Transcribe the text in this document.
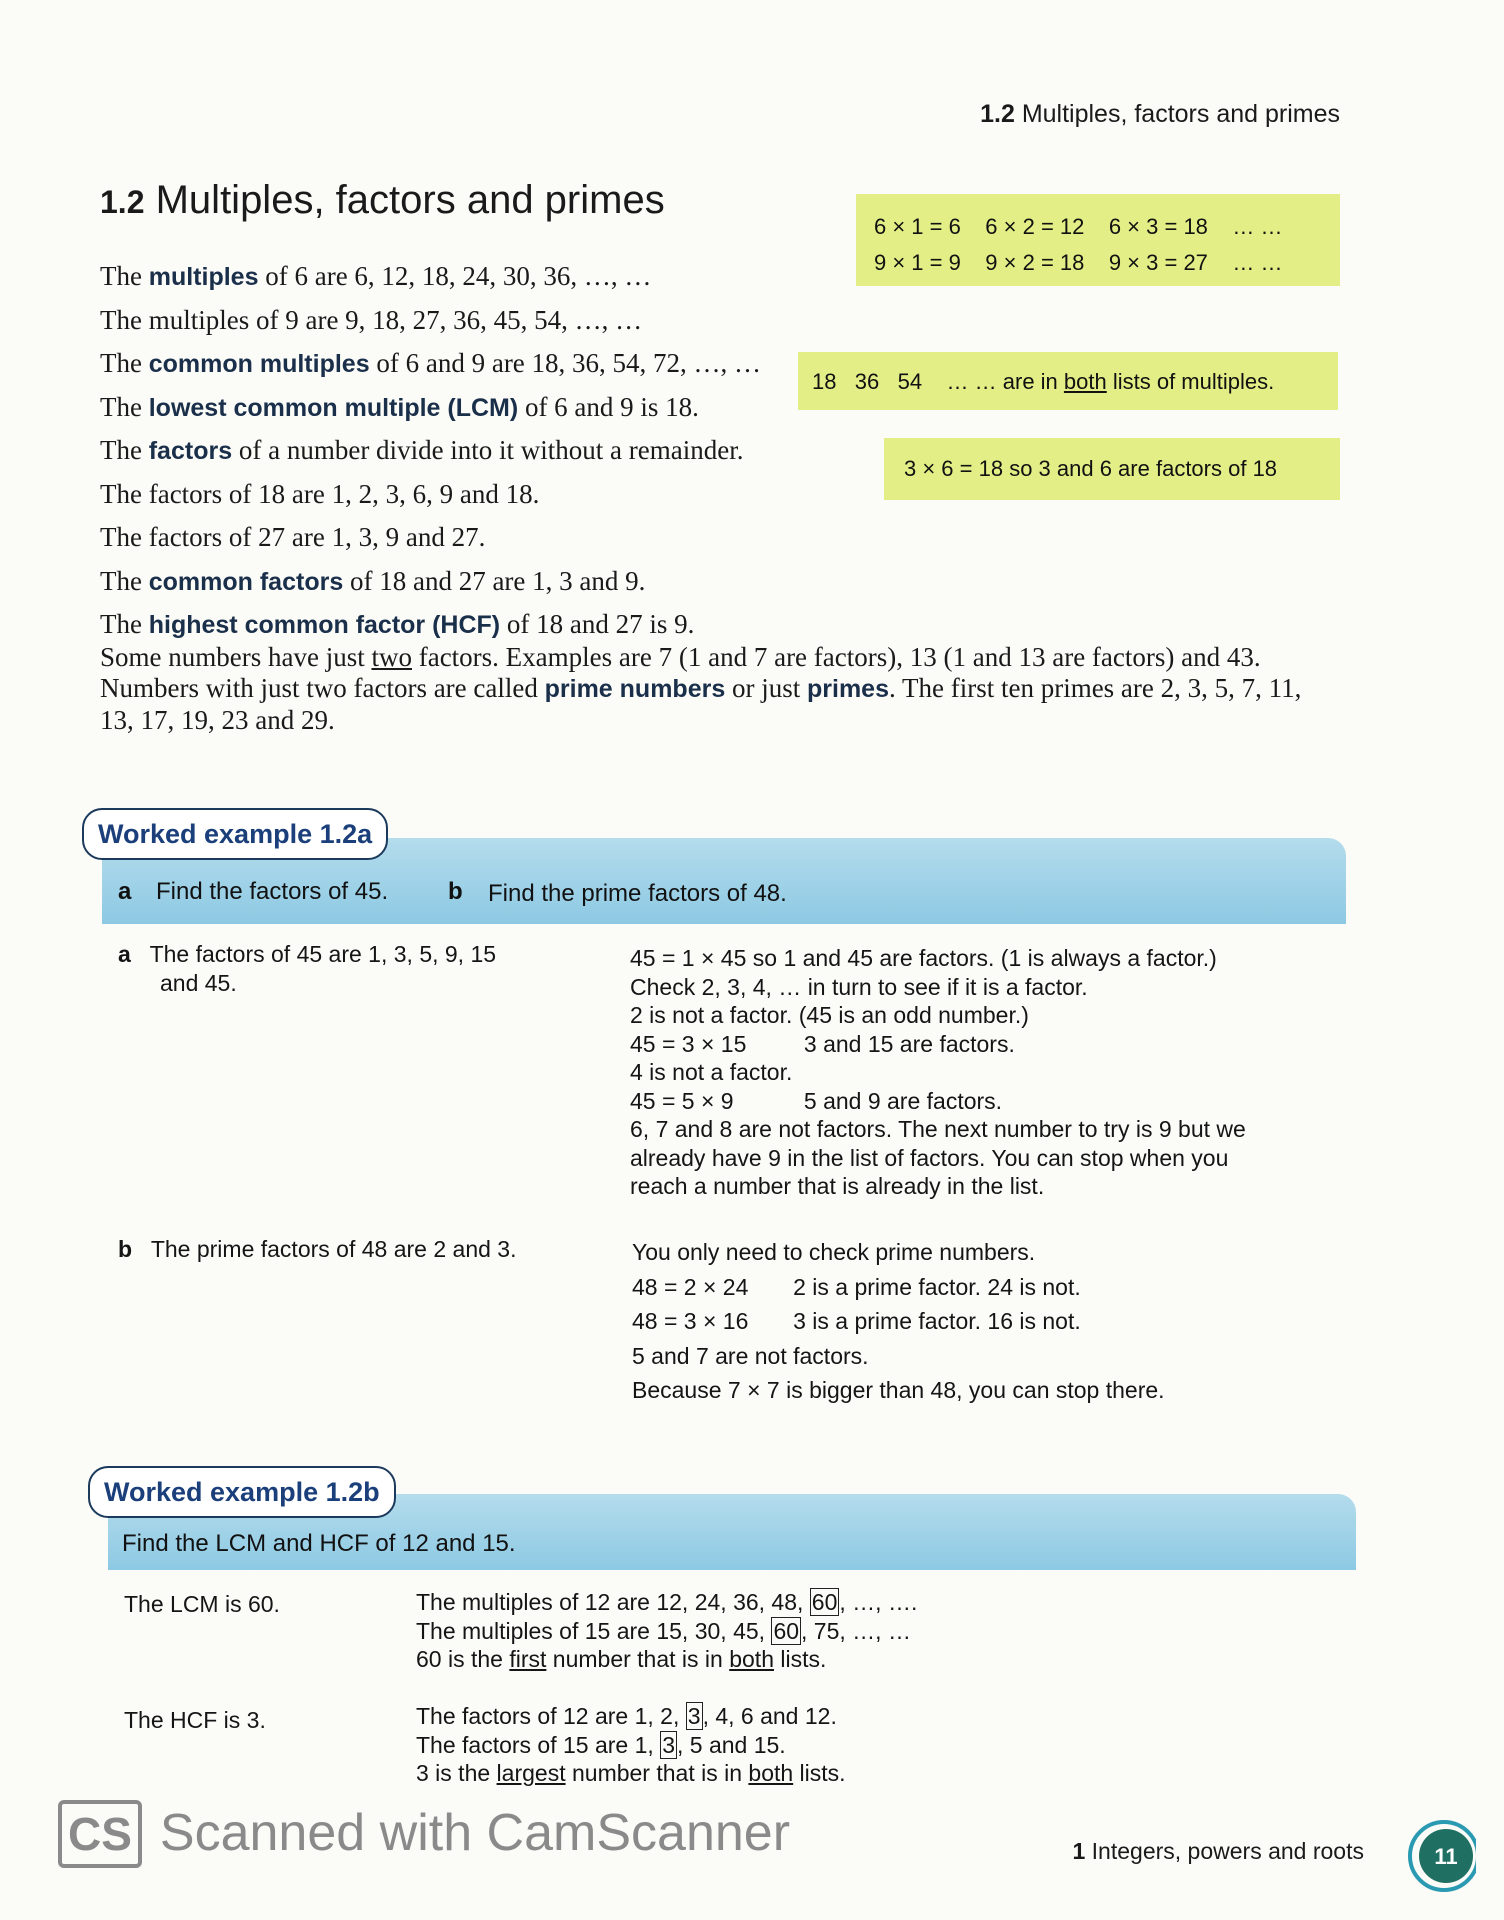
1.2 Multiples, factors and primes
1.2 Multiples, factors and primes

The multiples of 6 are 6, 12, 18, 24, 30, 36, …, …

The multiples of 9 are 9, 18, 27, 36, 45, 54, …, …

The common multiples of 6 and 9 are 18, 36, 54, 72, …, …

The lowest common multiple (LCM) of 6 and 9 is 18.

The factors of a number divide into it without a remainder.

The factors of 18 are 1, 2, 3, 6, 9 and 18.

The factors of 27 are 1, 3, 9 and 27.

The common factors of 18 and 27 are 1, 3 and 9.

The highest common factor (HCF) of 18 and 27 is 9.

Some numbers have just two factors. Examples are 7 (1 and 7 are factors), 13 (1 and 13 are factors) and 43. Numbers with just two factors are called prime numbers or just primes. The first ten primes are 2, 3, 5, 7, 11, 13, 17, 19, 23 and 29.
6 × 1 = 6    6 × 2 = 12    6 × 3 = 18    … …
9 × 1 = 9    9 × 2 = 18    9 × 3 = 27    … …
18   36   54    … … are in both lists of multiples.
3 × 6 = 18 so 3 and 6 are factors of 18
Worked example 1.2a
a Find the factors of 45. b Find the prime factors of 48.

a The factors of 45 are 1, 3, 5, 9, 15

and 45.

45 = 1 × 45 so 1 and 45 are factors. (1 is always a factor.)

Check 2, 3, 4, … in turn to see if it is a factor.

2 is not a factor. (45 is an odd number.)

45 = 3 × 15         3 and 15 are factors.

4 is not a factor.

45 = 5 × 9           5 and 9 are factors.

6, 7 and 8 are not factors. The next number to try is 9 but we

already have 9 in the list of factors. You can stop when you

reach a number that is already in the list.

b The prime factors of 48 are 2 and 3.	You only need to check prime numbers.

48 = 2 × 24       2 is a prime factor. 24 is not.

48 = 3 × 16       3 is a prime factor. 16 is not.

5 and 7 are not factors.

Because 7 × 7 is bigger than 48, you can stop there.

Worked example 1.2b
Find the LCM and HCF of 12 and 15.
The LCM is 60.	The multiples of 12 are 12, 24, 36, 48, 60, …, ….

The multiples of 15 are 15, 30, 45, 60, 75, …, …

60 is the first number that is in both lists.

The HCF is 3.	The factors of 12 are 1, 2, 3, 4, 6 and 12.

The factors of 15 are 1, 3, 5 and 15.

3 is the largest number that is in both lists.

CS Scanned with CamScanner	1 Integers, powers and roots	11
